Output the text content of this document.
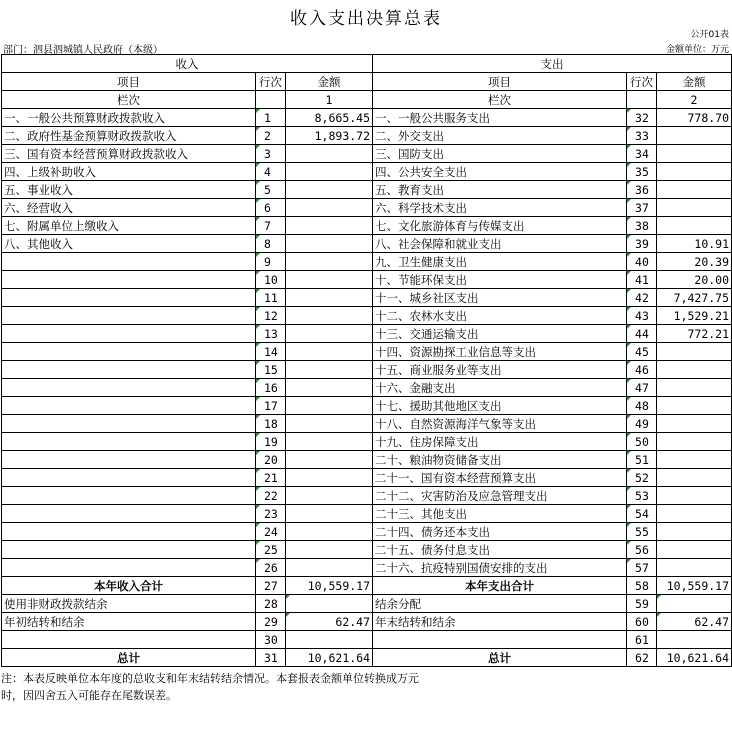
收入支出决算总表
公开01表
部门：泗县泗城镇人民政府（本级）	金额单位：万元
收入			支出		
项目	行次	金额	项目	行次	金额
栏次		1	栏次		2
一、一般公共预算财政拨款收入	1	8,665.45	一、一般公共服务支出	32	778.70
二、政府性基金预算财政拨款收入	2	1,893.72	二、外交支出	33	
三、国有资本经营预算财政拨款收入	3		三、国防支出	34	
四、上级补助收入	4		四、公共安全支出	35	
五、事业收入	5		五、教育支出	36	
六、经营收入	6		六、科学技术支出	37	
七、附属单位上缴收入	7		七、文化旅游体育与传媒支出	38	
八、其他收入	8		八、社会保障和就业支出	39	10.91
	9		九、卫生健康支出	40	20.39
	10		十、节能环保支出	41	20.00
	11		十一、城乡社区支出	42	7,427.75
	12		十二、农林水支出	43	1,529.21
	13		十三、交通运输支出	44	772.21
	14		十四、资源勘探工业信息等支出	45	
	15		十五、商业服务业等支出	46	
	16		十六、金融支出	47	
	17		十七、援助其他地区支出	48	
	18		十八、自然资源海洋气象等支出	49	
	19		十九、住房保障支出	50	
	20		二十、粮油物资储备支出	51	
	21		二十一、国有资本经营预算支出	52	
	22		二十二、灾害防治及应急管理支出	53	
	23		二十三、其他支出	54	
	24		二十四、债务还本支出	55	
	25		二十五、债务付息支出	56	
	26		二十六、抗疫特别国债安排的支出	57	
本年收入合计	27	10,559.17	本年支出合计	58	10,559.17
使用非财政拨款结余	28		结余分配	59	
年初结转和结余	29	62.47	年末结转和结余	60	62.47
	30			61	
总计	31	10,621.64	总计	62	10,621.64
注：本表反映单位本年度的总收支和年末结转结余情况。本套报表金额单位转换成万元
时，因四舍五入可能存在尾数误差。
